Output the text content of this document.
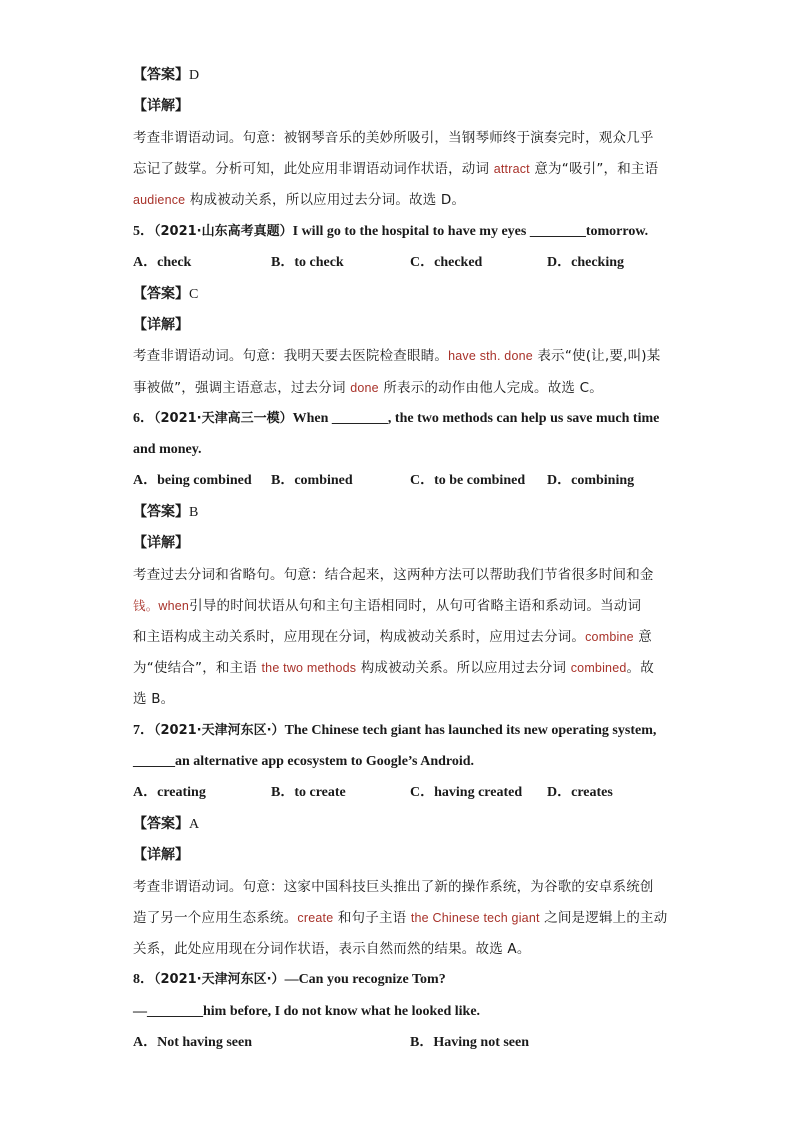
【答案】D
【详解】
考查非谓语动词。句意：被钢琴音乐的美妙所吸引，当钢琴师终于演奏完时，观众几乎
忘记了鼓掌。分析可知，此处应用非谓语动词作状语，动词 attract 意为“吸引”，和主语
audience 构成被动关系，所以应用过去分词。故选 D。
5．（2021·山东高考真题）I will go to the hospital to have my eyes ________tomorrow.
A．check	B．to check	C．checked	D．checking
【答案】C
【详解】
考查非谓语动词。句意：我明天要去医院检查眼睛。have sth. done 表示“使(让,要,叫)某
事被做”，强调主语意志，过去分词 done 所表示的动作由他人完成。故选 C。
6．（2021·天津高三一模）When ________, the two methods can help us save much time
and money.
A．being combined B．combined	C．to be combined D．combining
【答案】B
【详解】
考查过去分词和省略句。句意：结合起来，这两种方法可以帮助我们节省很多时间和金
钱。when引导的时间状语从句和主句主语相同时，从句可省略主语和系动词。当动词
和主语构成主动关系时，应用现在分词，构成被动关系时，应用过去分词。combine 意
为“使结合”，和主语 the two methods 构成被动关系。所以应用过去分词 combined。故
选 B。
7．（2021·天津河东区·）The Chinese tech giant has launched its new operating system,
______an alternative app ecosystem to Google’s Android.
A．creating	B．to create	C．having created D．creates
【答案】A
【详解】
考查非谓语动词。句意：这家中国科技巨头推出了新的操作系统，为谷歌的安卓系统创
造了另一个应用生态系统。create 和句子主语 the Chinese tech giant 之间是逻辑上的主动
关系，此处应用现在分词作状语，表示自然而然的结果。故选 A。
8．（2021·天津河东区·）—Can you recognize Tom?
—________him before, I do not know what he looked like.
A．Not having seen	B．Having not seen
